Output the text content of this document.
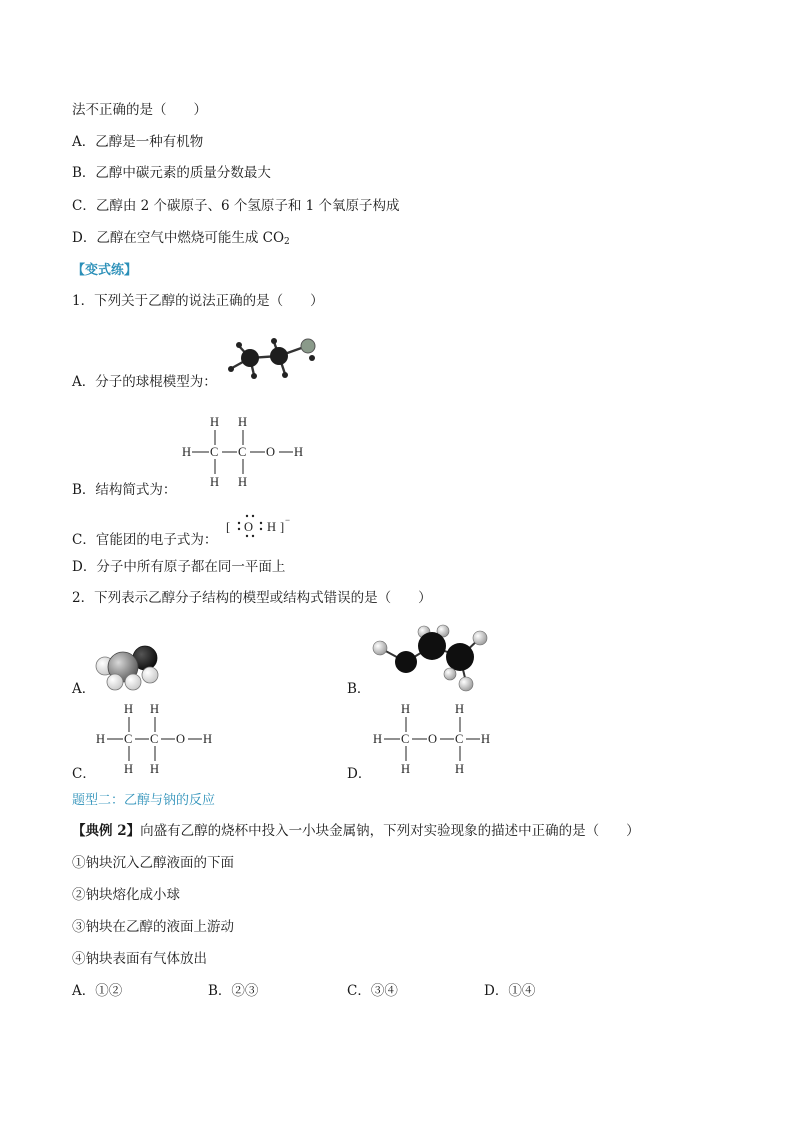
法不正确的是（　　）
A．乙醇是一种有机物
B．乙醇中碳元素的质量分数最大
C．乙醇由 2 个碳原子、6 个氢原子和 1 个氧原子构成
D．乙醇在空气中燃烧可能生成 $CO_2$
【变式练】
1．下列关于乙醇的说法正确的是（　　）
A．分子的球棍模型为：
H C C O H
H H
H H
B．结构简式为：
[ O H ] −
C．官能团的电子式为：
D．分子中所有原子都在同一平面上
2．下列表示乙醇分子结构的模型或结构式错误的是（　　）
A．	B．
H C C O H
H H
H H
C．
H C O C H
H	H
H	H
D．
题型二：乙醇与钠的反应
【典例 2】向盛有乙醇的烧杯中投入一小块金属钠，下列对实验现象的描述中正确的是（　　）
①钠块沉入乙醇液面的下面
②钠块熔化成小球
③钠块在乙醇的液面上游动
④钠块表面有气体放出
A．①②	B．②③	C．③④	D．①④
